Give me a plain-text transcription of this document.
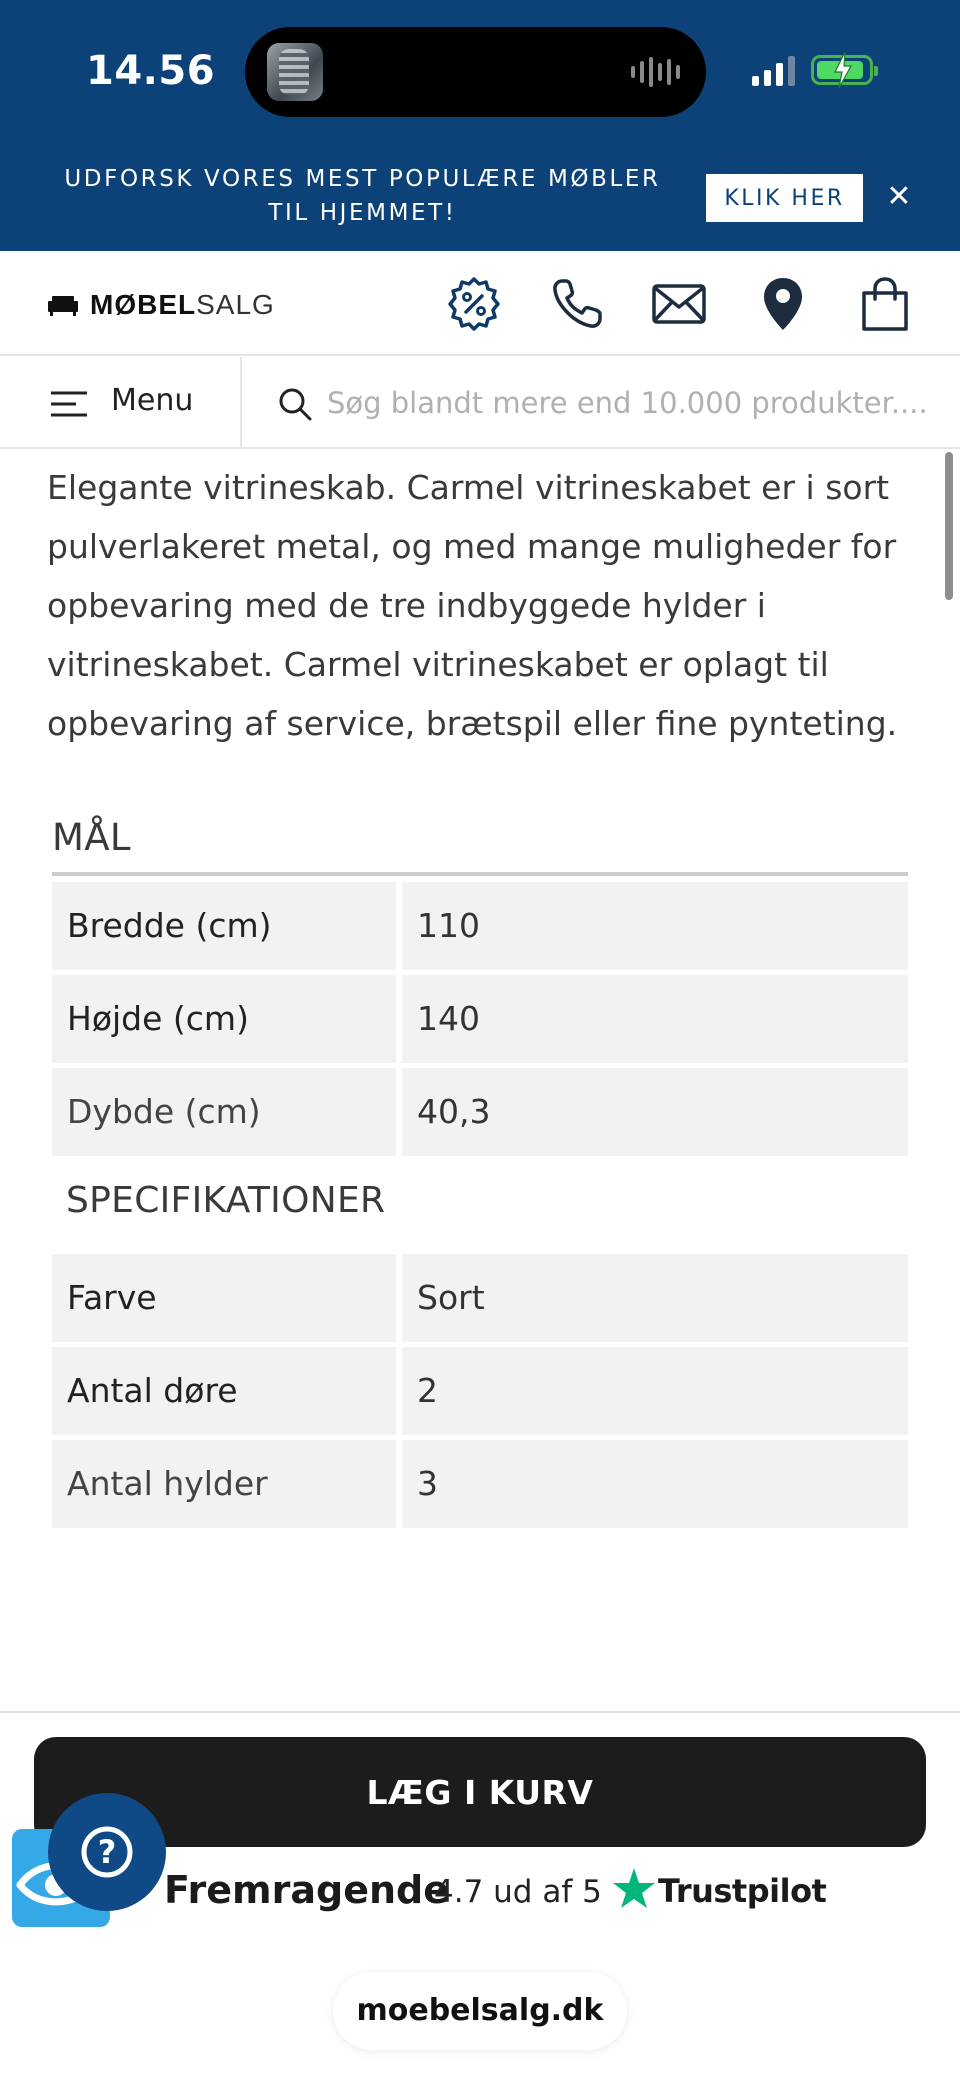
14.56
UDFORSK VORES MEST POPULÆRE MØBLER TIL HJEMMET!
KLIK HER	✕
MØBELSALG
Menu
Søg blandt mere end 10.000 produkter....

Elegante vitrineskab. Carmel vitrineskabet er i sort pulverlakeret metal, og med mange muligheder for opbevaring med de tre indbyggede hylder i vitrineskabet. Carmel vitrineskabet er oplagt til opbevaring af service, brætspil eller fine pynteting.

MÅL
Bredde (cm)	110
Højde (cm)	140
Dybde (cm)	40,3
SPECIFIKATIONER
Farve	Sort
Antal døre	2
Antal hylder	3
LÆG I KURV
?
Fremragende
4.7 ud af 5 Trustpilot
moebelsalg.dk
